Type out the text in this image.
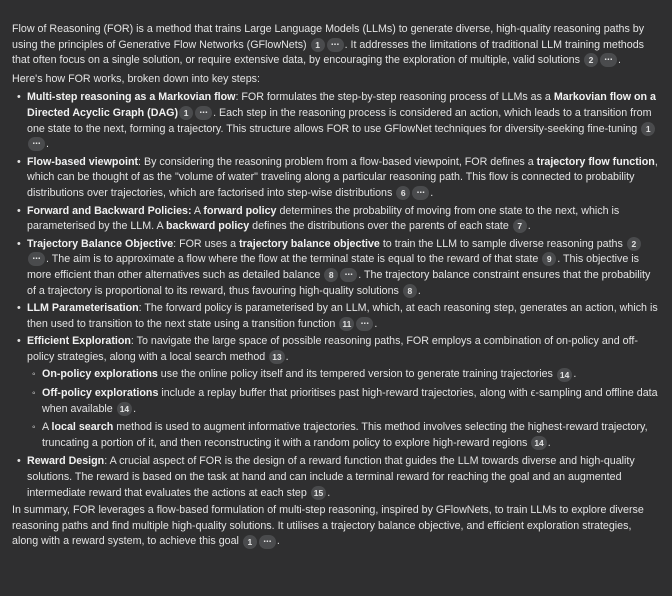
Flow of Reasoning (FOR) is a method that trains Large Language Models (LLMs) to generate diverse, high-quality reasoning paths by using the principles of Generative Flow Networks (GFlowNets) 1 ... . It addresses the limitations of traditional LLM training methods that often focus on a single solution, or require extensive data, by encouraging the exploration of multiple, valid solutions 2 ... .

Here's how FOR works, broken down into key steps:

• Multi-step reasoning as a Markovian flow: FOR formulates the step-by-step reasoning process of LLMs as a Markovian flow on a Directed Acyclic Graph (DAG) 1 ... . Each step in the reasoning process is considered an action, which leads to a transition from one state to the next, forming a trajectory. This structure allows FOR to use GFlowNet techniques for diversity-seeking fine-tuning 1... .
• Flow-based viewpoint: By considering the reasoning problem from a flow-based viewpoint, FOR defines a trajectory flow function, which can be thought of as the "volume of water" traveling along a particular reasoning path. This flow is connected to probability distributions over trajectories, which are factorised into step-wise distributions 6 ... .
• Forward and Backward Policies: A forward policy determines the probability of moving from one state to the next, which is parameterised by the LLM. A backward policy defines the distributions over the parents of each state 7 .
• Trajectory Balance Objective: FOR uses a trajectory balance objective to train the LLM to sample diverse reasoning paths 2... . The aim is to approximate a flow where the flow at the terminal state is equal to the reward of that state 9 . This objective is more efficient than other alternatives such as detailed balance 8 ... . The trajectory balance constraint ensures that the probability of a trajectory is proportional to its reward, thus favouring high-quality solutions 8 .
• LLM Parameterisation: The forward policy is parameterised by an LLM, which, at each reasoning step, generates an action, which is then used to transition to the next state using a transition function 11 ... .
• Efficient Exploration: To navigate the large space of possible reasoning paths, FOR employs a combination of on-policy and off-policy strategies, along with a local search method 13 .
◦ On-policy explorations use the online policy itself and its tempered version to generate training trajectories 14 .
◦ Off-policy explorations include a replay buffer that prioritises past high-reward trajectories, along with ϵ-sampling and offline data when available 14 .
◦ A local search method is used to augment informative trajectories. This method involves selecting the highest-reward trajectory, truncating a portion of it, and then reconstructing it with a random policy to explore high-reward regions 14 .
• Reward Design: A crucial aspect of FOR is the design of a reward function that guides the LLM towards diverse and high-quality solutions. The reward is based on the task at hand and can include a terminal reward for reaching the goal and an augmented intermediate reward that evaluates the actions at each step 15 .

In summary, FOR leverages a flow-based formulation of multi-step reasoning, inspired by GFlowNets, to train LLMs to explore diverse reasoning paths and find multiple high-quality solutions. It utilises a trajectory balance objective, and efficient exploration strategies, along with a reward system, to achieve this goal 1 ... .
